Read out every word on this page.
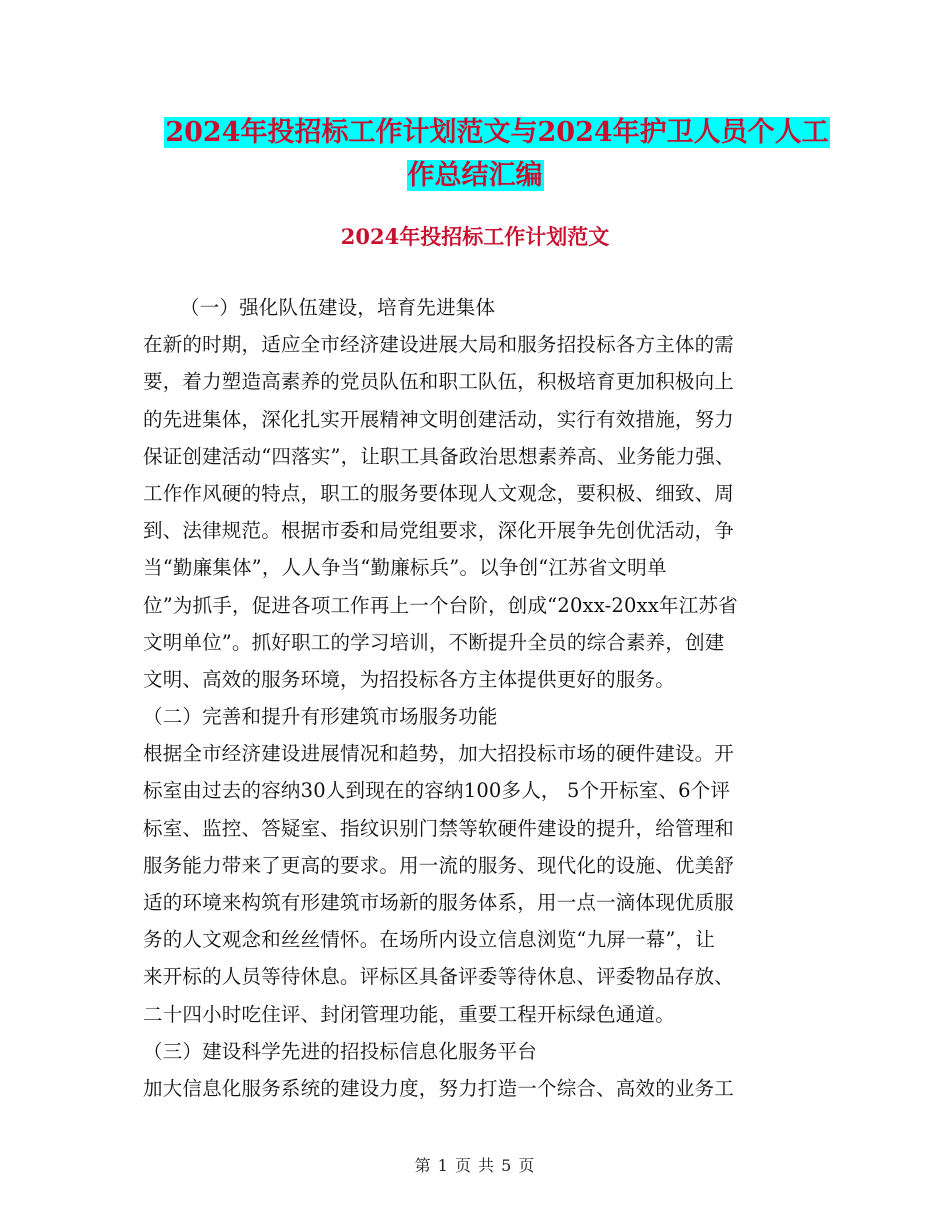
2024年投招标工作计划范文与2024年护卫人员个人工
作总结汇编
2024年投招标工作计划范文
（一）强化队伍建设，培育先进集体
在新的时期，适应全市经济建设进展大局和服务招投标各方主体的需
要，着力塑造高素养的党员队伍和职工队伍，积极培育更加积极向上
的先进集体，深化扎实开展精神文明创建活动，实行有效措施，努力
保证创建活动“四落实”，让职工具备政治思想素养高、业务能力强、
工作作风硬的特点，职工的服务要体现人文观念，要积极、细致、周
到、法律规范。根据市委和局党组要求，深化开展争先创优活动，争
当“勤廉集体”，人人争当“勤廉标兵”。以争创“江苏省文明单
位”为抓手，促进各项工作再上一个台阶，创成“20xx-20xx年江苏省
文明单位”。抓好职工的学习培训，不断提升全员的综合素养，创建
文明、高效的服务环境，为招投标各方主体提供更好的服务。
（二）完善和提升有形建筑市场服务功能
根据全市经济建设进展情况和趋势，加大招投标市场的硬件建设。开
标室由过去的容纳30人到现在的容纳100多人， 5个开标室、6个评
标室、监控、答疑室、指纹识别门禁等软硬件建设的提升，给管理和
服务能力带来了更高的要求。用一流的服务、现代化的设施、优美舒
适的环境来构筑有形建筑市场新的服务体系，用一点一滴体现优质服
务的人文观念和丝丝情怀。在场所内设立信息浏览“九屏一幕”，让
来开标的人员等待休息。评标区具备评委等待休息、评委物品存放、
二十四小时吃住评、封闭管理功能，重要工程开标绿色通道。
（三）建设科学先进的招投标信息化服务平台
加大信息化服务系统的建设力度，努力打造一个综合、高效的业务工
第 1 页 共 5 页
